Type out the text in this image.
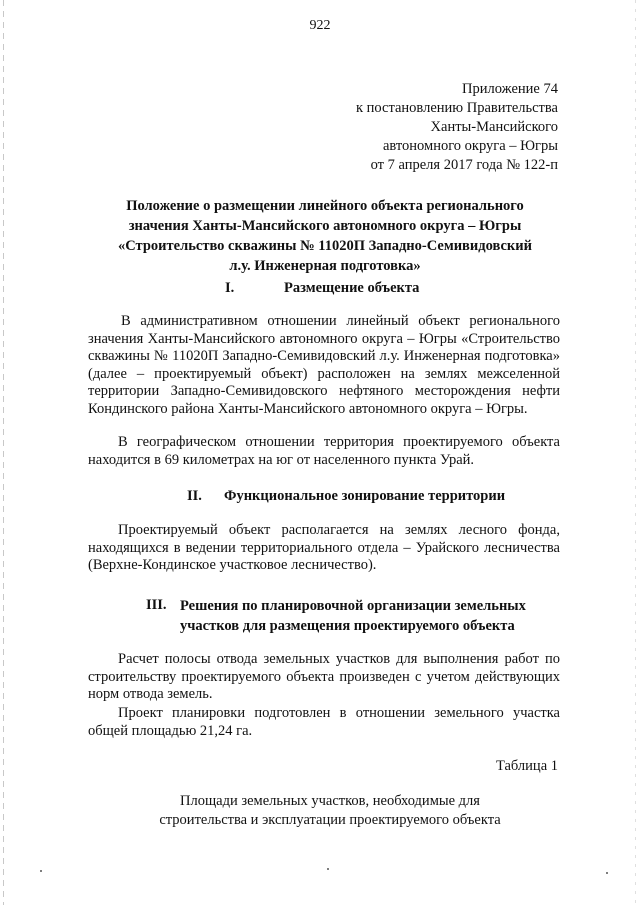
922
Приложение 74
к постановлению Правительства
Ханты-Мансийского
автономного округа – Югры
от 7 апреля 2017 года № 122-п
Положение о размещении линейного объекта регионального
значения Ханты-Мансийского автономного округа – Югры
«Строительство скважины № 11020П Западно-Семивидовский
л.у. Инженерная подготовка»
I.	Размещение объекта
В административном отношении линейный объект регионального значения Ханты-Мансийского автономного округа – Югры «Строительство скважины № 11020П Западно-Семивидовский л.у. Инженерная подготовка» (далее – проектируемый объект) расположен на землях межселенной территории Западно-Семивидовского нефтяного месторождения нефти Кондинского района Ханты-Мансийского автономного округа – Югры.
В географическом отношении территория проектируемого объекта находится в 69 километрах на юг от населенного пункта Урай.
II. Функциональное зонирование территории
Проектируемый объект располагается на землях лесного фонда, находящихся в ведении территориального отдела – Урайского лесничества (Верхне-Кондинское участковое лесничество).
III. Решения по планировочной организации земельных
участков для размещения проектируемого объекта
Расчет полосы отвода земельных участков для выполнения работ по строительству проектируемого объекта произведен с учетом действующих норм отвода земель.
Проект планировки подготовлен в отношении земельного участка общей площадью 21,24 га.
Таблица 1
Площади земельных участков, необходимые для
строительства и эксплуатации проектируемого объекта
